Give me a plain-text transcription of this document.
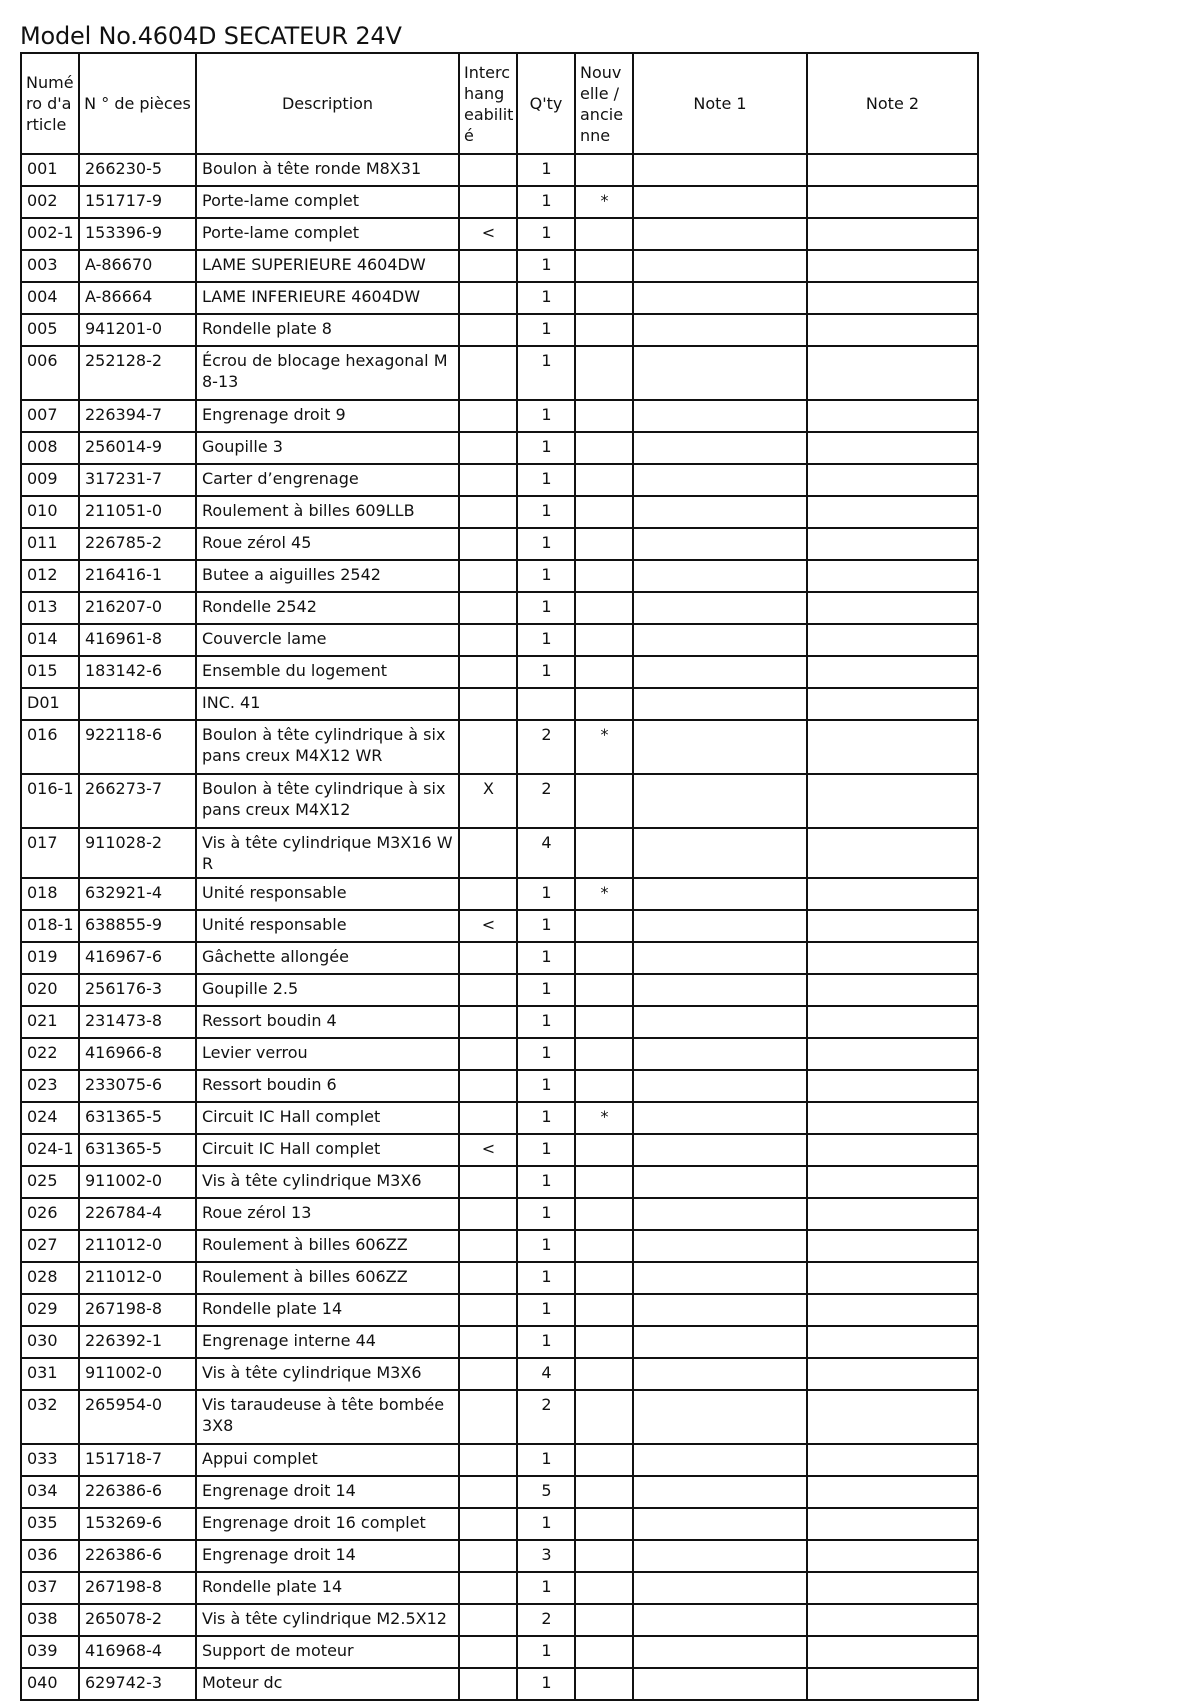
Model No.4604D SECATEUR 24V
Numé ro d'a rticle	N ° de pièces	Description	Interc hang eabilit é	Q'ty	Nouv elle / ancie nne	Note 1	Note 2
001	266230-5	Boulon à tête ronde M8X31		1			
002	151717-9	Porte-lame complet		1	*		
002-1	153396-9	Porte-lame complet	<	1			
003	A-86670	LAME SUPERIEURE 4604DW		1			
004	A-86664	LAME INFERIEURE 4604DW		1			
005	941201-0	Rondelle plate 8		1			
006	252128-2	Écrou de blocage hexagonal M8-13		1			
007	226394-7	Engrenage droit 9		1			
008	256014-9	Goupille 3		1			
009	317231-7	Carter d’engrenage		1			
010	211051-0	Roulement à billes 609LLB		1			
011	226785-2	Roue zérol 45		1			
012	216416-1	Butee a aiguilles 2542		1			
013	216207-0	Rondelle 2542		1			
014	416961-8	Couvercle lame		1			
015	183142-6	Ensemble du logement		1			
D01		INC. 41					
016	922118-6	Boulon à tête cylindrique à six pans creux M4X12 WR		2	*		
016-1	266273-7	Boulon à tête cylindrique à six pans creux M4X12	X	2			
017	911028-2	Vis à tête cylindrique M3X16 WR		4			
018	632921-4	Unité responsable		1	*		
018-1	638855-9	Unité responsable	<	1			
019	416967-6	Gâchette allongée		1			
020	256176-3	Goupille 2.5		1			
021	231473-8	Ressort boudin 4		1			
022	416966-8	Levier verrou		1			
023	233075-6	Ressort boudin 6		1			
024	631365-5	Circuit IC Hall complet		1	*		
024-1	631365-5	Circuit IC Hall complet	<	1			
025	911002-0	Vis à tête cylindrique M3X6		1			
026	226784-4	Roue zérol 13		1			
027	211012-0	Roulement à billes 606ZZ		1			
028	211012-0	Roulement à billes 606ZZ		1			
029	267198-8	Rondelle plate 14		1			
030	226392-1	Engrenage interne 44		1			
031	911002-0	Vis à tête cylindrique M3X6		4			
032	265954-0	Vis taraudeuse à tête bombée 3X8		2			
033	151718-7	Appui complet		1			
034	226386-6	Engrenage droit 14		5			
035	153269-6	Engrenage droit 16 complet		1			
036	226386-6	Engrenage droit 14		3			
037	267198-8	Rondelle plate 14		1			
038	265078-2	Vis à tête cylindrique M2.5X12		2			
039	416968-4	Support de moteur		1			
040	629742-3	Moteur dc		1			
